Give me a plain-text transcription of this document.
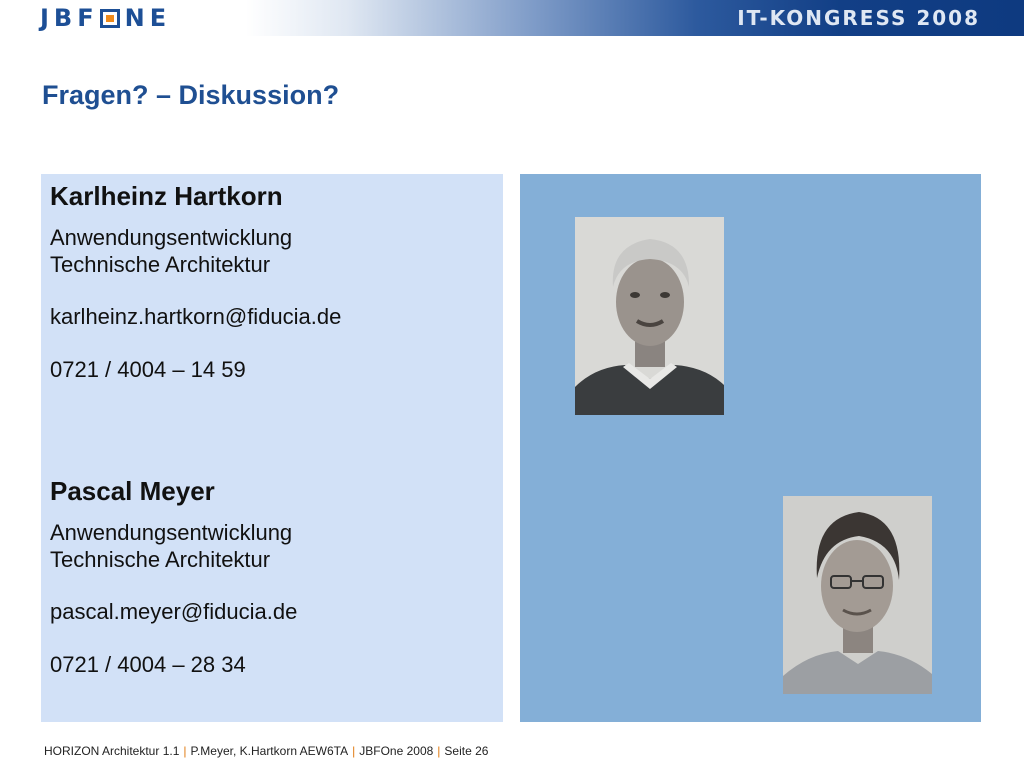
JBF NE	IT-KONGRESS 2008
Fragen? – Diskussion?
Karlheinz Hartkorn
Anwendungsentwicklung
Technische Architektur
karlheinz.hartkorn@fiducia.de
0721 / 4004 – 14 59
Pascal Meyer
Anwendungsentwicklung
Technische Architektur
pascal.meyer@fiducia.de
0721 / 4004 – 28 34
HORIZON Architektur 1.1 | P.Meyer, K.Hartkorn AEW6TA | JBFOne 2008 | Seite 26
